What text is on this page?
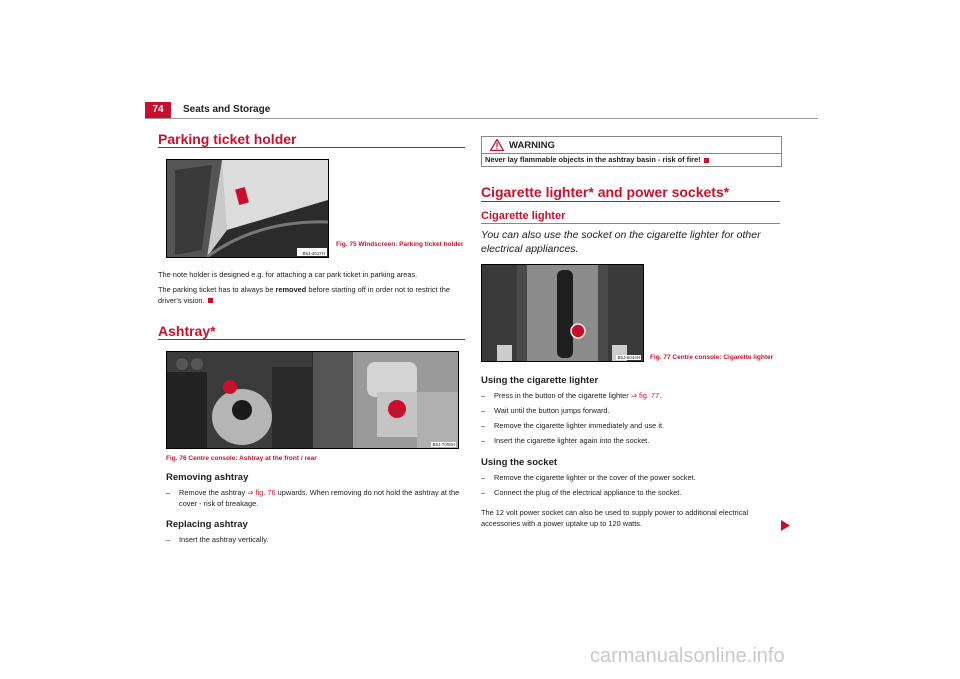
74	Seats and Storage
Parking ticket holder
B5J-4017H
Fig. 75 Windscreen: Parking ticket holder
The note holder is designed e.g. for attaching a car park ticket in parking areas.
The parking ticket has to always be removed before starting off in order not to restrict the driver's vision.
Ashtray*
B5J-7008H
Fig. 76 Centre console: Ashtray at the front / rear
Removing ashtray
– Remove the ashtray ⇒ fig. 76 upwards. When removing do not hold the ashtray at the cover - risk of breakage.
Replacing ashtray
– Insert the ashtray vertically.
WARNING
Never lay flammable objects in the ashtray basin - risk of fire!
Cigarette lighter* and power sockets*
Cigarette lighter
You can also use the socket on the cigarette lighter for other electrical appliances.
B5J-6044H Fig. 77 Centre console: Cigarette lighter
Using the cigarette lighter
– Press in the button of the cigarette lighter ⇒ fig. 77.
– Wait until the button jumps forward.
– Remove the cigarette lighter immediately and use it.
– Insert the cigarette lighter again into the socket.
Using the socket
– Remove the cigarette lighter or the cover of the power socket.
– Connect the plug of the electrical appliance to the socket.
The 12 volt power socket can also be used to supply power to additional electrical accessories with a power uptake up to 120 watts.
carmanualsonline.info
